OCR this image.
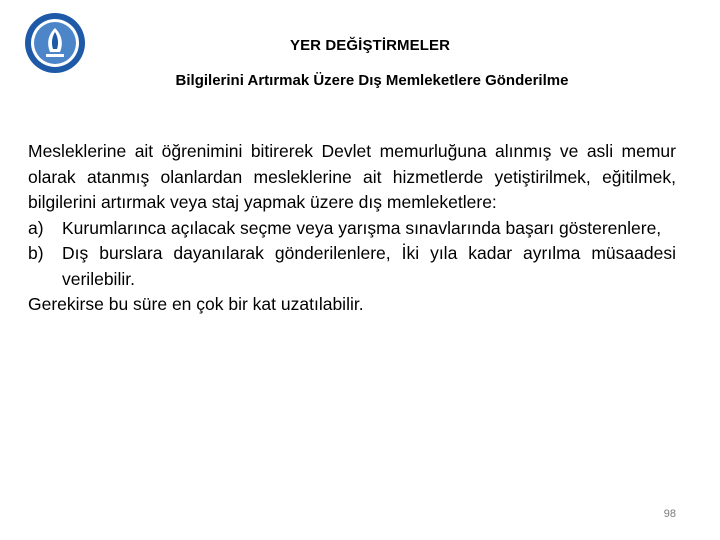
YER DEĞİŞTİRMELER
Bilgilerini Artırmak Üzere Dış Memleketlere Gönderilme

Mesleklerine ait öğrenimini bitirerek Devlet memurluğuna alınmış ve asli memur olarak atanmış olanlardan mesleklerine ait hizmetlerde yetiştirilmek, eğitilmek, bilgilerini artırmak veya staj yapmak üzere dış memleketlere:

a)	Kurumlarınca açılacak seçme veya yarışma sınavlarında başarı gösterenlere,
b)	Dış burslara dayanılarak gönderilenlere, İki yıla kadar ayrılma müsaadesi verilebilir.

Gerekirse bu süre en çok bir kat uzatılabilir.

98
